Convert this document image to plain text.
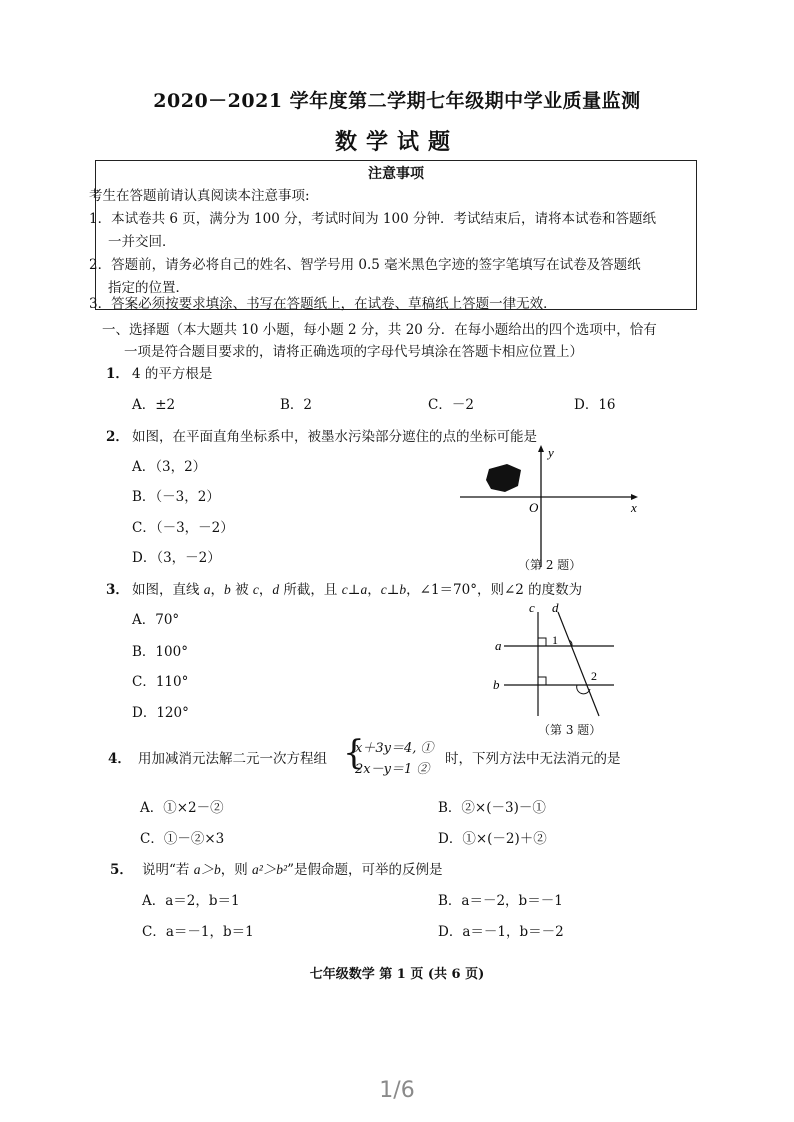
2020－2021 学年度第二学期七年级期中学业质量监测
数学试题
注意事项
考生在答题前请认真阅读本注意事项:
1．本试卷共 6 页，满分为 100 分，考试时间为 100 分钟．考试结束后，请将本试卷和答题纸
一并交回．
2．答题前，请务必将自己的姓名、智学号用 0.5 毫米黑色字迹的签字笔填写在试卷及答题纸
指定的位置．
3．答案必须按要求填涂、书写在答题纸上，在试卷、草稿纸上答题一律无效．
一、选择题（本大题共 10 小题，每小题 2 分，共 20 分．在每小题给出的四个选项中，恰有
一项是符合题目要求的，请将正确选项的字母代号填涂在答题卡相应位置上）
1． 4 的平方根是
A．±2	B．2	C．－2	D．16
2． 如图，在平面直角坐标系中，被墨水污染部分遮住的点的坐标可能是
A．（3，2）
B．（－3，2）
C．（－3，－2）
D．（3，－2）
x
y
O
（第 2 题）
3． 如图，直线 a，b 被 c，d 所截，且 c⊥a，c⊥b，∠1＝70°，则∠2 的度数为
A．70°
B．100°
C．110°
D．120°
a
b
c d
1
2
（第 3 题）
4． 用加减消元法解二元一次方程组 {
x＋3y＝4, ①
2x－y＝1 ②
时，下列方法中无法消元的是
A．①×2－②	B．②×(－3)－①
C．①－②×3	D．①×(－2)＋②
5． 说明“若 a＞b，则 a²＞b²”是假命题，可举的反例是
A．a＝2，b＝1	B．a＝－2，b＝－1
C．a＝－1，b＝1	D．a＝－1，b＝－2
七年级数学 第 1 页 (共 6 页)
1/6
